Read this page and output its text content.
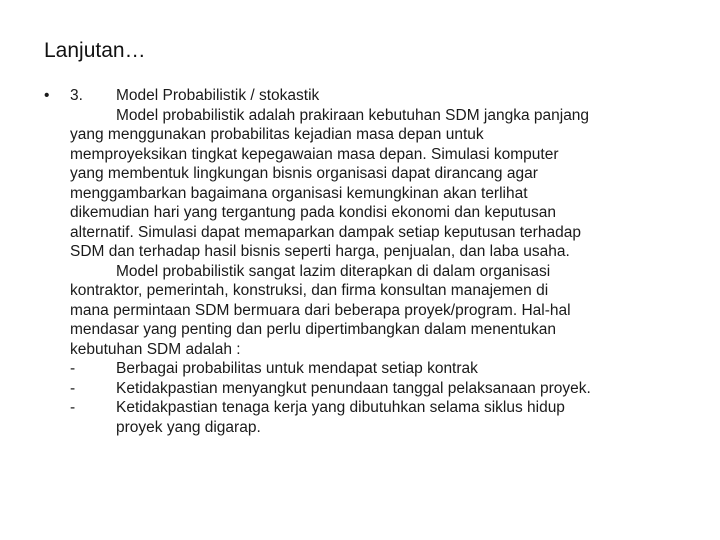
Lanjutan…
• 3. Model Probabilistik / stokastik
Model probabilistik adalah prakiraan kebutuhan SDM jangka panjang
yang menggunakan probabilitas kejadian masa depan untuk
memproyeksikan tingkat kepegawaian masa depan. Simulasi komputer
yang membentuk lingkungan bisnis organisasi dapat dirancang agar
menggambarkan bagaimana organisasi kemungkinan akan terlihat
dikemudian hari yang tergantung pada kondisi ekonomi dan keputusan
alternatif. Simulasi dapat memaparkan dampak setiap keputusan terhadap
SDM dan terhadap hasil bisnis seperti harga, penjualan, dan laba usaha.
Model probabilistik sangat lazim diterapkan di dalam organisasi
kontraktor, pemerintah, konstruksi, dan firma konsultan manajemen di
mana permintaan SDM bermuara dari beberapa proyek/program. Hal-hal
mendasar yang penting dan perlu dipertimbangkan dalam menentukan
kebutuhan SDM adalah :
-	Berbagai probabilitas untuk mendapat setiap kontrak
-	Ketidakpastian menyangkut penundaan tanggal pelaksanaan proyek.
-	Ketidakpastian tenaga kerja yang dibutuhkan selama siklus hidup
proyek yang digarap.
